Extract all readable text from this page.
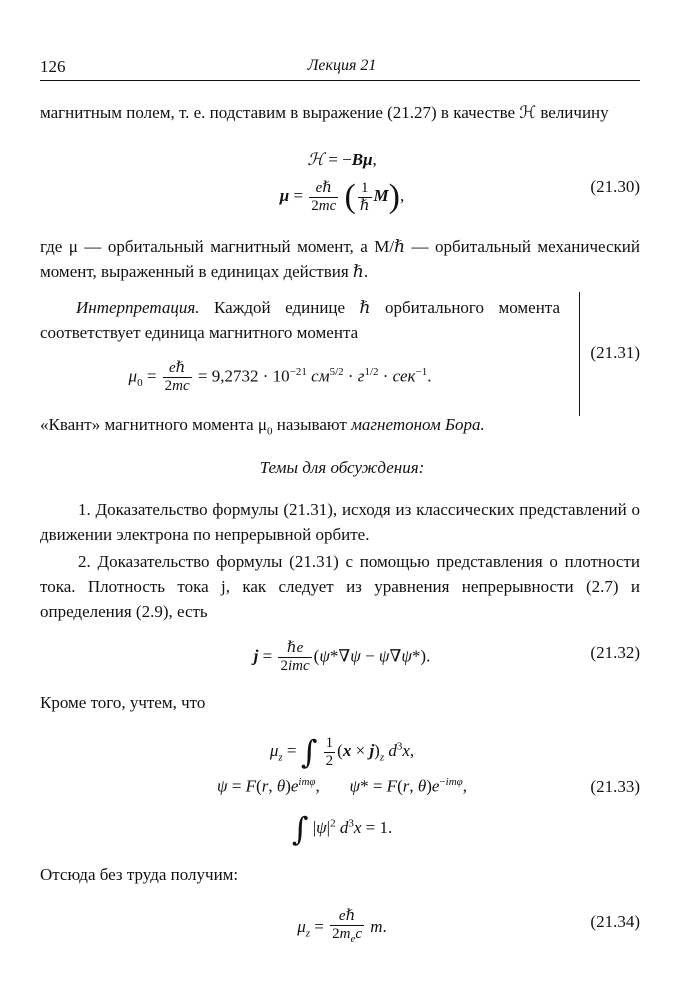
126	Лекция 21
магнитным полем, т. е. подставим в выражение (21.27) в качестве ℋ величину
ℋ = −Bμ,
$\mu = \frac{\text{eℏ}}{2mc}$ ( $\frac{1}{\text{ℏ}} M$),	(21.30)
где μ — орбитальный магнитный момент, а M/ℏ — орбитальный механический момент, выраженный в единицах действия ℏ.
Интерпретация. Каждой единице ℏ орбитального момента соответствует единица магнитного момента
$\mu_0 = \frac{\text{eℏ}}{2mc} = 9,2732 \cdot 10^{-21}$ $см^{5/2} \cdot г^{1/2} \cdot сек^{-1}$.
(21.31)
«Квант» магнитного момента $\mu_0$ называют магнетоном Бора.
Темы для обсуждения:
1. Доказательство формулы (21.31), исходя из классических представлений о движении электрона по непрерывной орбите.
2. Доказательство формулы (21.31) с помощью представления о плотности тока. Плотность тока j, как следует из уравнения непрерывности (2.7) и определения (2.9), есть
$j = \frac{\text{ℏe}}{\text{2imc}} (\psi*\nabla\psi - \psi\nabla\psi*)$.	(21.32)
Кроме того, учтем, что
$\mu_z$ = ∫ $\frac{1}{2} (x \times j)_z$ $d^3x$,
ψ = F(r, $\theta)e^{im\varphi}$,       ψ* = F(r, $\theta)e^{-im\varphi}$,
∫ $|\psi|^2$ $d^3x = 1$.
(21.33)
Отсюда без труда получим:
$\mu_z = \frac{\text{eℏ}}{2m_ec} m$.	(21.34)
